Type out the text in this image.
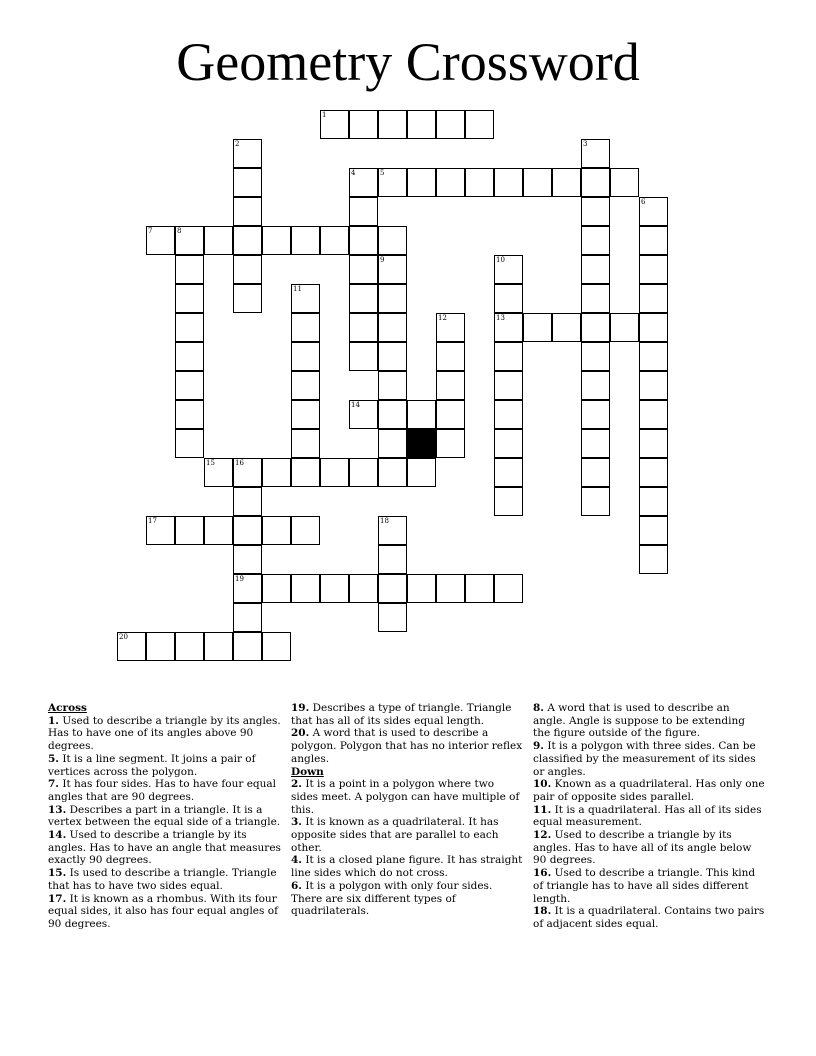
Geometry Crossword
1
2	3
4	5
6
7	8
9	10
11
12	13
14
15	16
17	18
19
20

Across

1. Used to describe a triangle by its angles. Has to have one of its angles above 90 degrees.

5. It is a line segment. It joins a pair of vertices across the polygon.

7. It has four sides. Has to have four equal angles that are 90 degrees.

13. Describes a part in a triangle. It is a vertex between the equal side of a triangle.

14. Used to describe a triangle by its angles. Has to have an angle that measures exactly 90 degrees.

15. Is used to describe a triangle. Triangle that has to have two sides equal.

17. It is known as a rhombus. With its four equal sides, it also has four equal angles of 90 degrees.

19. Describes a type of triangle. Triangle that has all of its sides equal length.

20. A word that is used to describe a polygon. Polygon that has no interior reflex angles.

Down

2. It is a point in a polygon where two sides meet. A polygon can have multiple of this.

3. It is known as a quadrilateral. It has opposite sides that are parallel to each other.

4. It is a closed plane figure. It has straight line sides which do not cross.

6. It is a polygon with only four sides. There are six different types of quadrilaterals.

8. A word that is used to describe an angle. Angle is suppose to be extending the figure outside of the figure.

9. It is a polygon with three sides. Can be classified by the measurement of its sides or angles.

10. Known as a quadrilateral. Has only one pair of opposite sides parallel.

11. It is a quadrilateral. Has all of its sides equal measurement.

12. Used to describe a triangle by its angles. Has to have all of its angle below 90 degrees.

16. Used to describe a triangle. This kind of triangle has to have all sides different length.

18. It is a quadrilateral. Contains two pairs of adjacent sides equal.
